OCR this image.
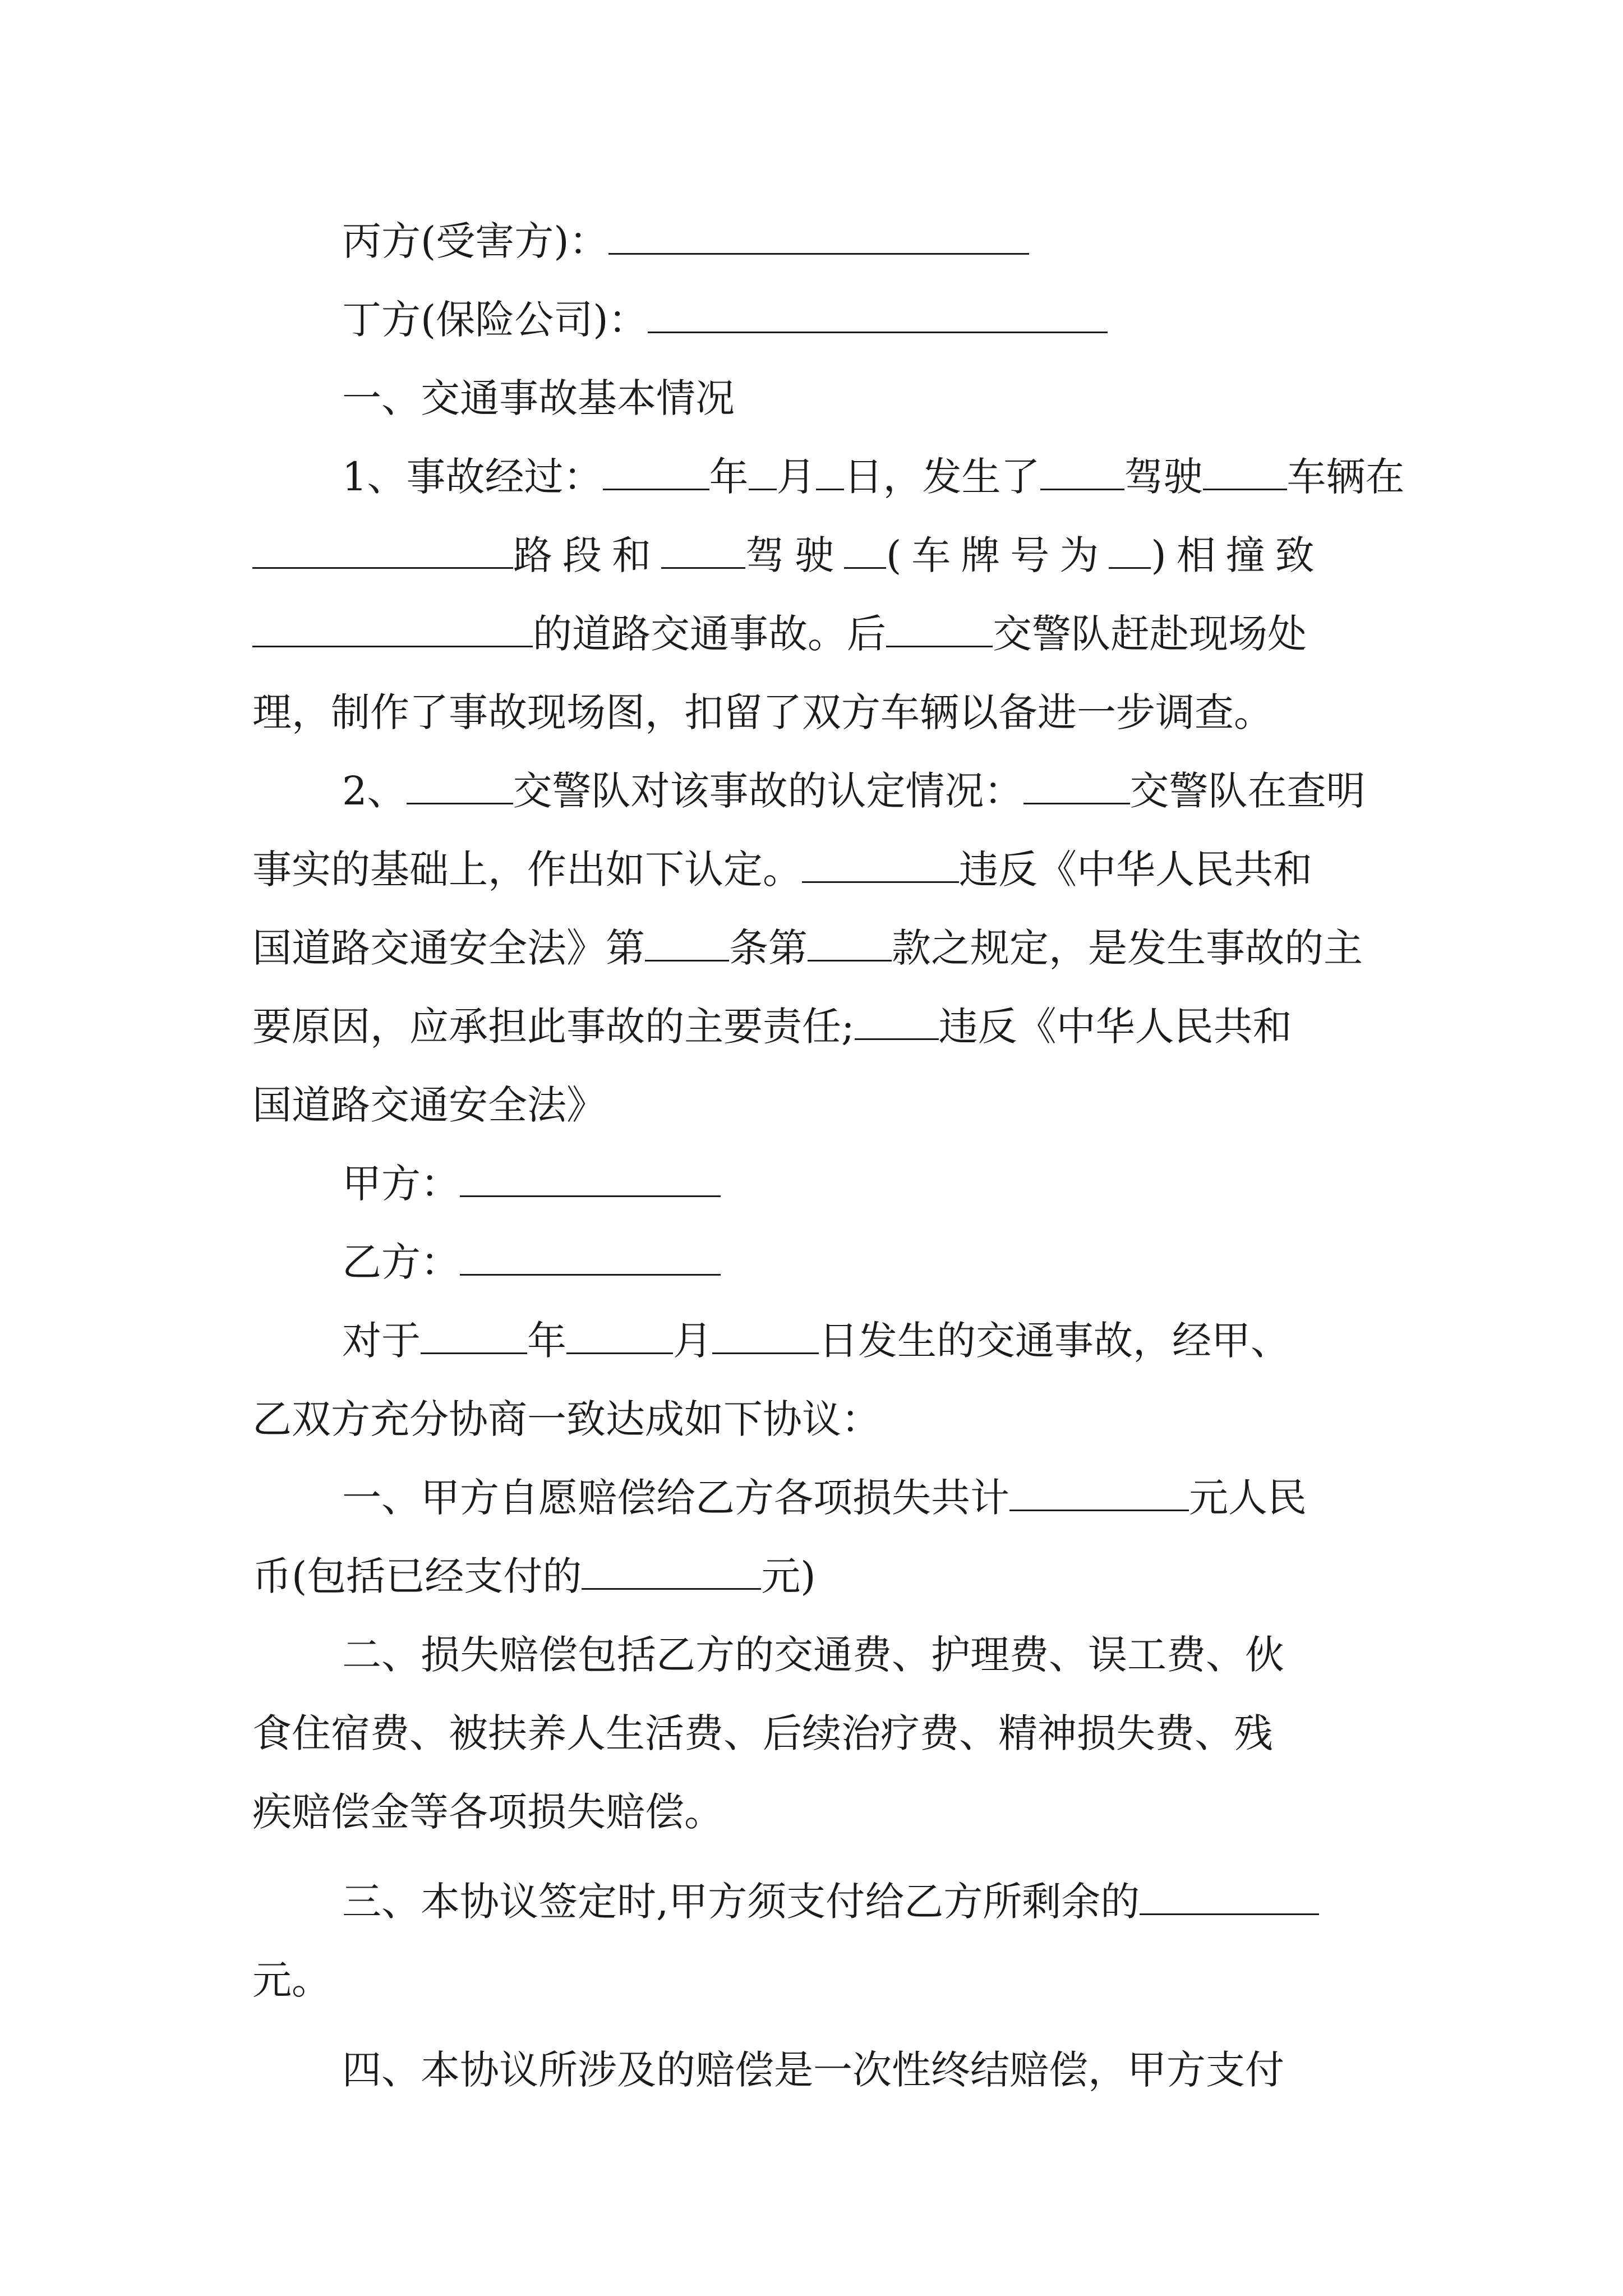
丙方(受害方)：
丁方(保险公司)：
一、交通事故基本情况
1、事故经过：	年 月 日，发生了 驾驶 车辆在
路段和 驾驶 (车牌号为 )相撞致
的道路交通事故。后	交警队赶赴现场处
理，制作了事故现场图，扣留了双方车辆以备进一步调查。
2、	交警队对该事故的认定情况：	交警队在查明
事实的基础上，作出如下认定。	违反《中华人民共和
国道路交通安全法》第 条第 款之规定，是发生事故的主
要原因，应承担此事故的主要责任; 违反《中华人民共和
国道路交通安全法》
甲方：
乙方：
对于	年	月	日发生的交通事故，经甲、
乙双方充分协商一致达成如下协议：
一、甲方自愿赔偿给乙方各项损失共计	元人民
币(包括已经支付的	元)
二、损失赔偿包括乙方的交通费、护理费、误工费、伙
食住宿费、被扶养人生活费、后续治疗费、精神损失费、残
疾赔偿金等各项损失赔偿。
三、本协议签定时,甲方须支付给乙方所剩余的
元。
四、本协议所涉及的赔偿是一次性终结赔偿，甲方支付
